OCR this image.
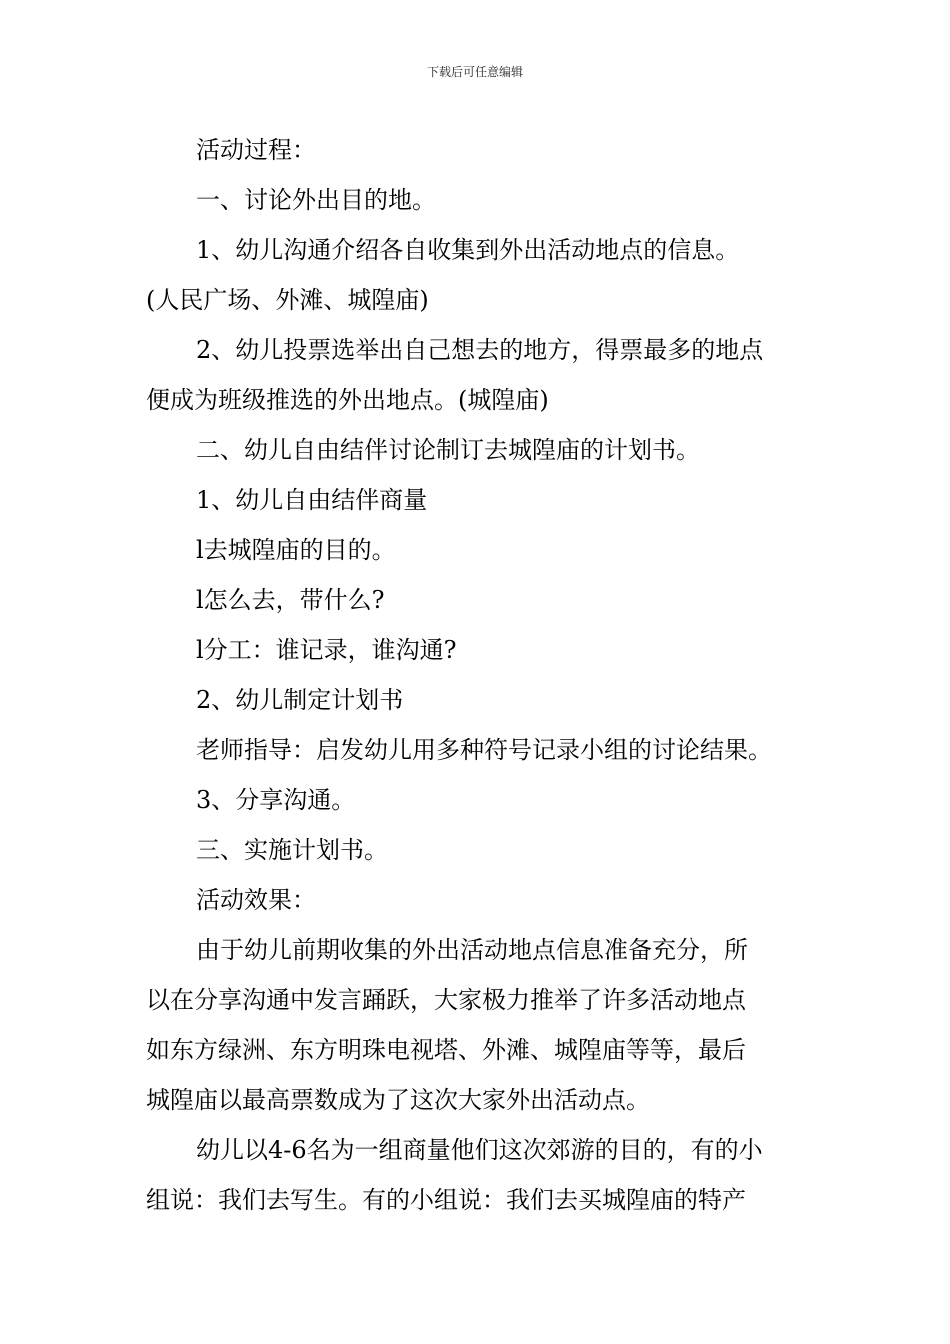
下载后可任意编辑
活动过程：
一、讨论外出目的地。
1、幼儿沟通介绍各自收集到外出活动地点的信息。
(人民广场、外滩、城隍庙)
2、幼儿投票选举出自己想去的地方，得票最多的地点
便成为班级推选的外出地点。(城隍庙)
二、幼儿自由结伴讨论制订去城隍庙的计划书。
1、幼儿自由结伴商量
l去城隍庙的目的。
l怎么去，带什么?
l分工：谁记录，谁沟通?
2、幼儿制定计划书
老师指导：启发幼儿用多种符号记录小组的讨论结果。
3、分享沟通。
三、实施计划书。
活动效果：
由于幼儿前期收集的外出活动地点信息准备充分，所
以在分享沟通中发言踊跃，大家极力推举了许多活动地点
如东方绿洲、东方明珠电视塔、外滩、城隍庙等等，最后
城隍庙以最高票数成为了这次大家外出活动点。
幼儿以4-6名为一组商量他们这次郊游的目的，有的小
组说：我们去写生。有的小组说：我们去买城隍庙的特产
